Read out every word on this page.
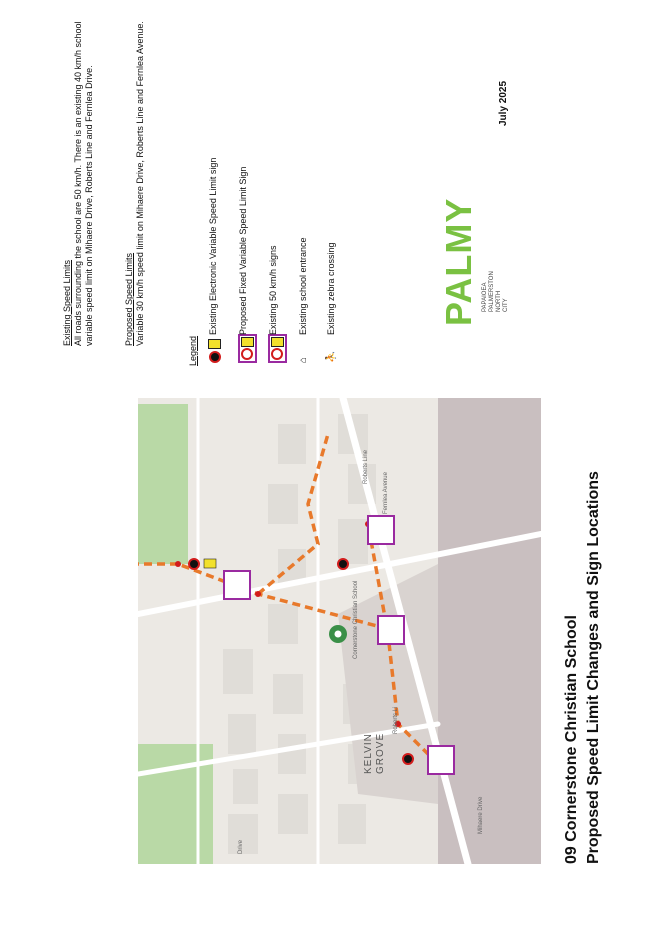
09 Cornerstone Christian School Proposed Speed Limit Changes and Sign Locations
Cornerstone Christian School
Roberts Li
Roberts Line
Fernlea Avenue
Mihaere Drive
Drive
KELVIN GROVE
Existing Speed Limits All roads surrounding the school are 50 km/h. There is an existing 40 km/h school variable speed limit on Mihaere Drive, Roberts Line and Fernlea Drive.	Proposed Speed Limits Variable 30 km/h speed limit on Mihaere Drive, Roberts Line and Fernlea Avenue.
Legend
Existing Electronic Variable Speed Limit sign Proposed Fixed Variable Speed Limit Sign Existing 50 km/h signs
⌂
Existing school entrance
⛹
Existing zebra crossing	PALMY PAPAIOEA PALMERSTON NORTH CITY
July 2025
